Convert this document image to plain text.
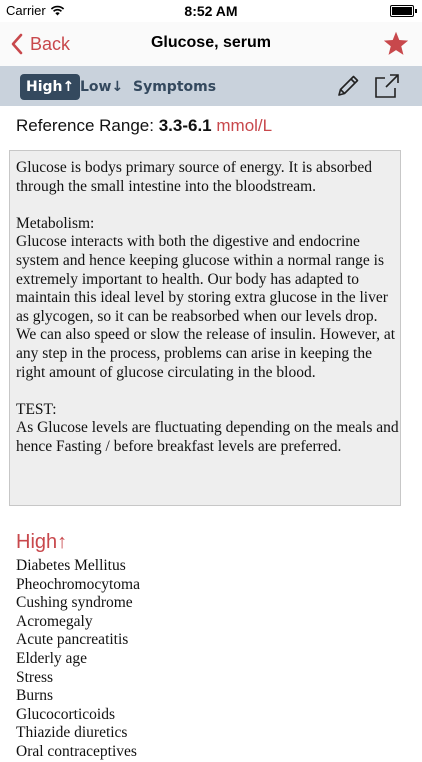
Carrier	8:52 AM
Back	Glucose, serum
High↑ Low↓ Symptoms
Reference Range: 3.3-6.1 mmol/L

Glucose is bodys primary source of energy. It is absorbed through the small intestine into the bloodstream.

Metabolism:
Glucose interacts with both the digestive and endocrine system and hence keeping glucose within a normal range is extremely important to health. Our body has adapted to maintain this ideal level by storing extra glucose in the liver as glycogen, so it can be reabsorbed when our levels drop. We can also speed or slow the release of insulin. However, at any step in the process, problems can arise in keeping the right amount of glucose circulating in the blood.

TEST:
As Glucose levels are fluctuating depending on the meals and hence Fasting / before breakfast levels are preferred.

High↑
Diabetes Mellitus
Pheochromocytoma
Cushing syndrome
Acromegaly
Acute pancreatitis
Elderly age
Stress
Burns
Glucocorticoids
Thiazide diuretics
Oral contraceptives
